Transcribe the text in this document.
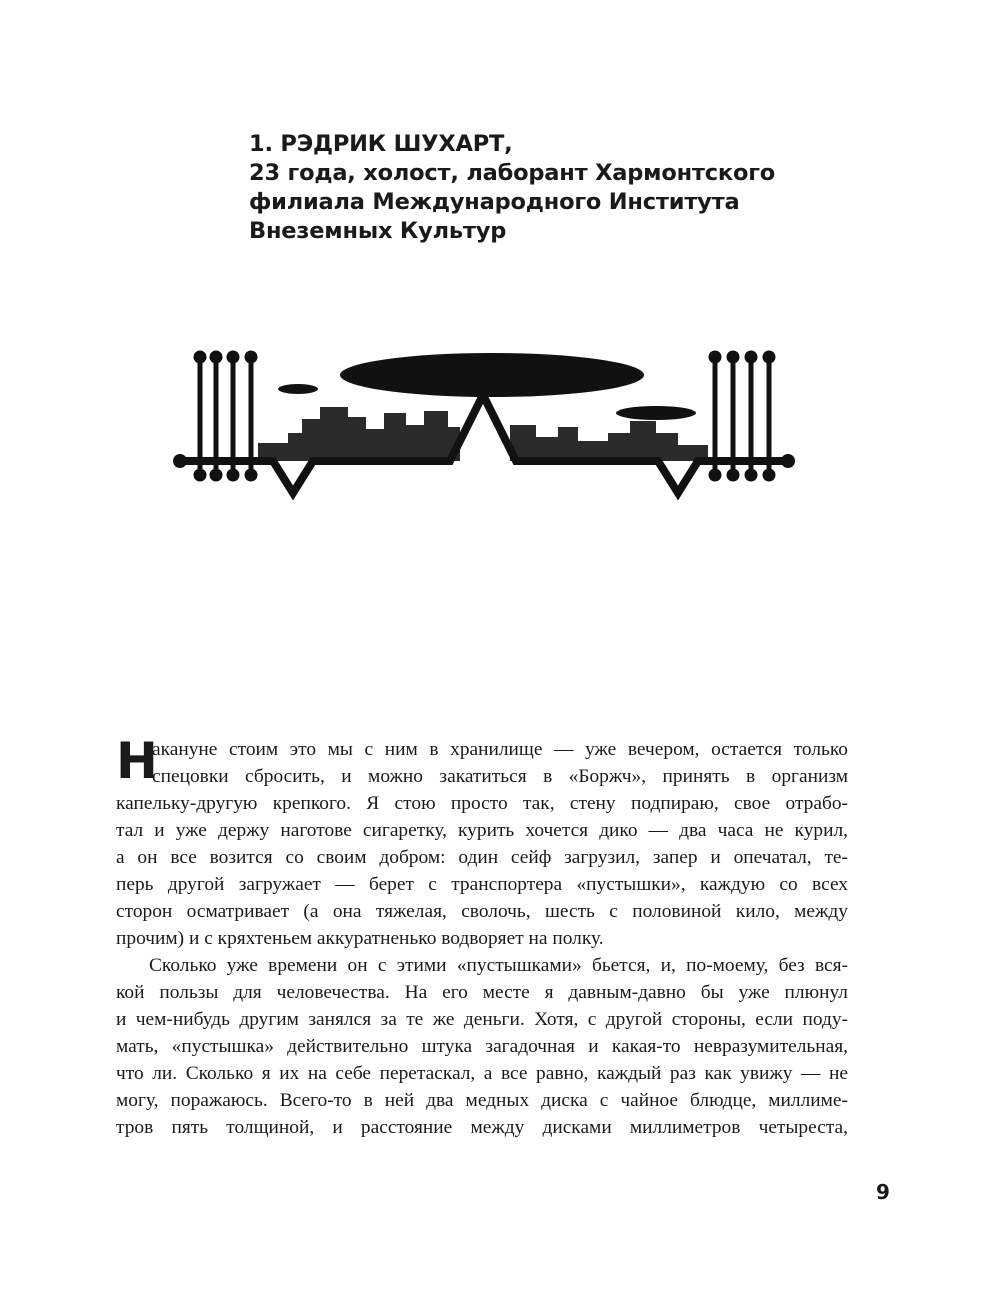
1. РЭДРИК ШУХАРТ,
23 года, холост, лаборант Хармонтского
филиала Международного Института
Внеземных Культур
Н
акануне стоим это мы с ним в хранилище — уже вечером, остается только
спецовки сбросить, и можно закатиться в «Боржч», принять в организм
капельку-другую крепкого. Я стою просто так, стену подпираю, свое отрабо-
тал и уже держу наготове сигаретку, курить хочется дико — два часа не курил,
а он все возится со своим добром: один сейф загрузил, запер и опечатал, те-
перь другой загружает — берет с транспортера «пустышки», каждую со всех
сторон осматривает (а она тяжелая, сволочь, шесть с половиной кило, между
прочим) и с кряхтеньем аккуратненько водворяет на полку.
Сколько уже времени он с этими «пустышками» бьется, и, по-моему, без вся-
кой пользы для человечества. На его месте я давным-давно бы уже плюнул
и чем-нибудь другим занялся за те же деньги. Хотя, с другой стороны, если поду-
мать, «пустышка» действительно штука загадочная и какая-то невразумительная,
что ли. Сколько я их на себе перетаскал, а все равно, каждый раз как увижу — не
могу, поражаюсь. Всего-то в ней два медных диска с чайное блюдце, миллиме-
тров пять толщиной, и расстояние между дисками миллиметров четыреста,
9
